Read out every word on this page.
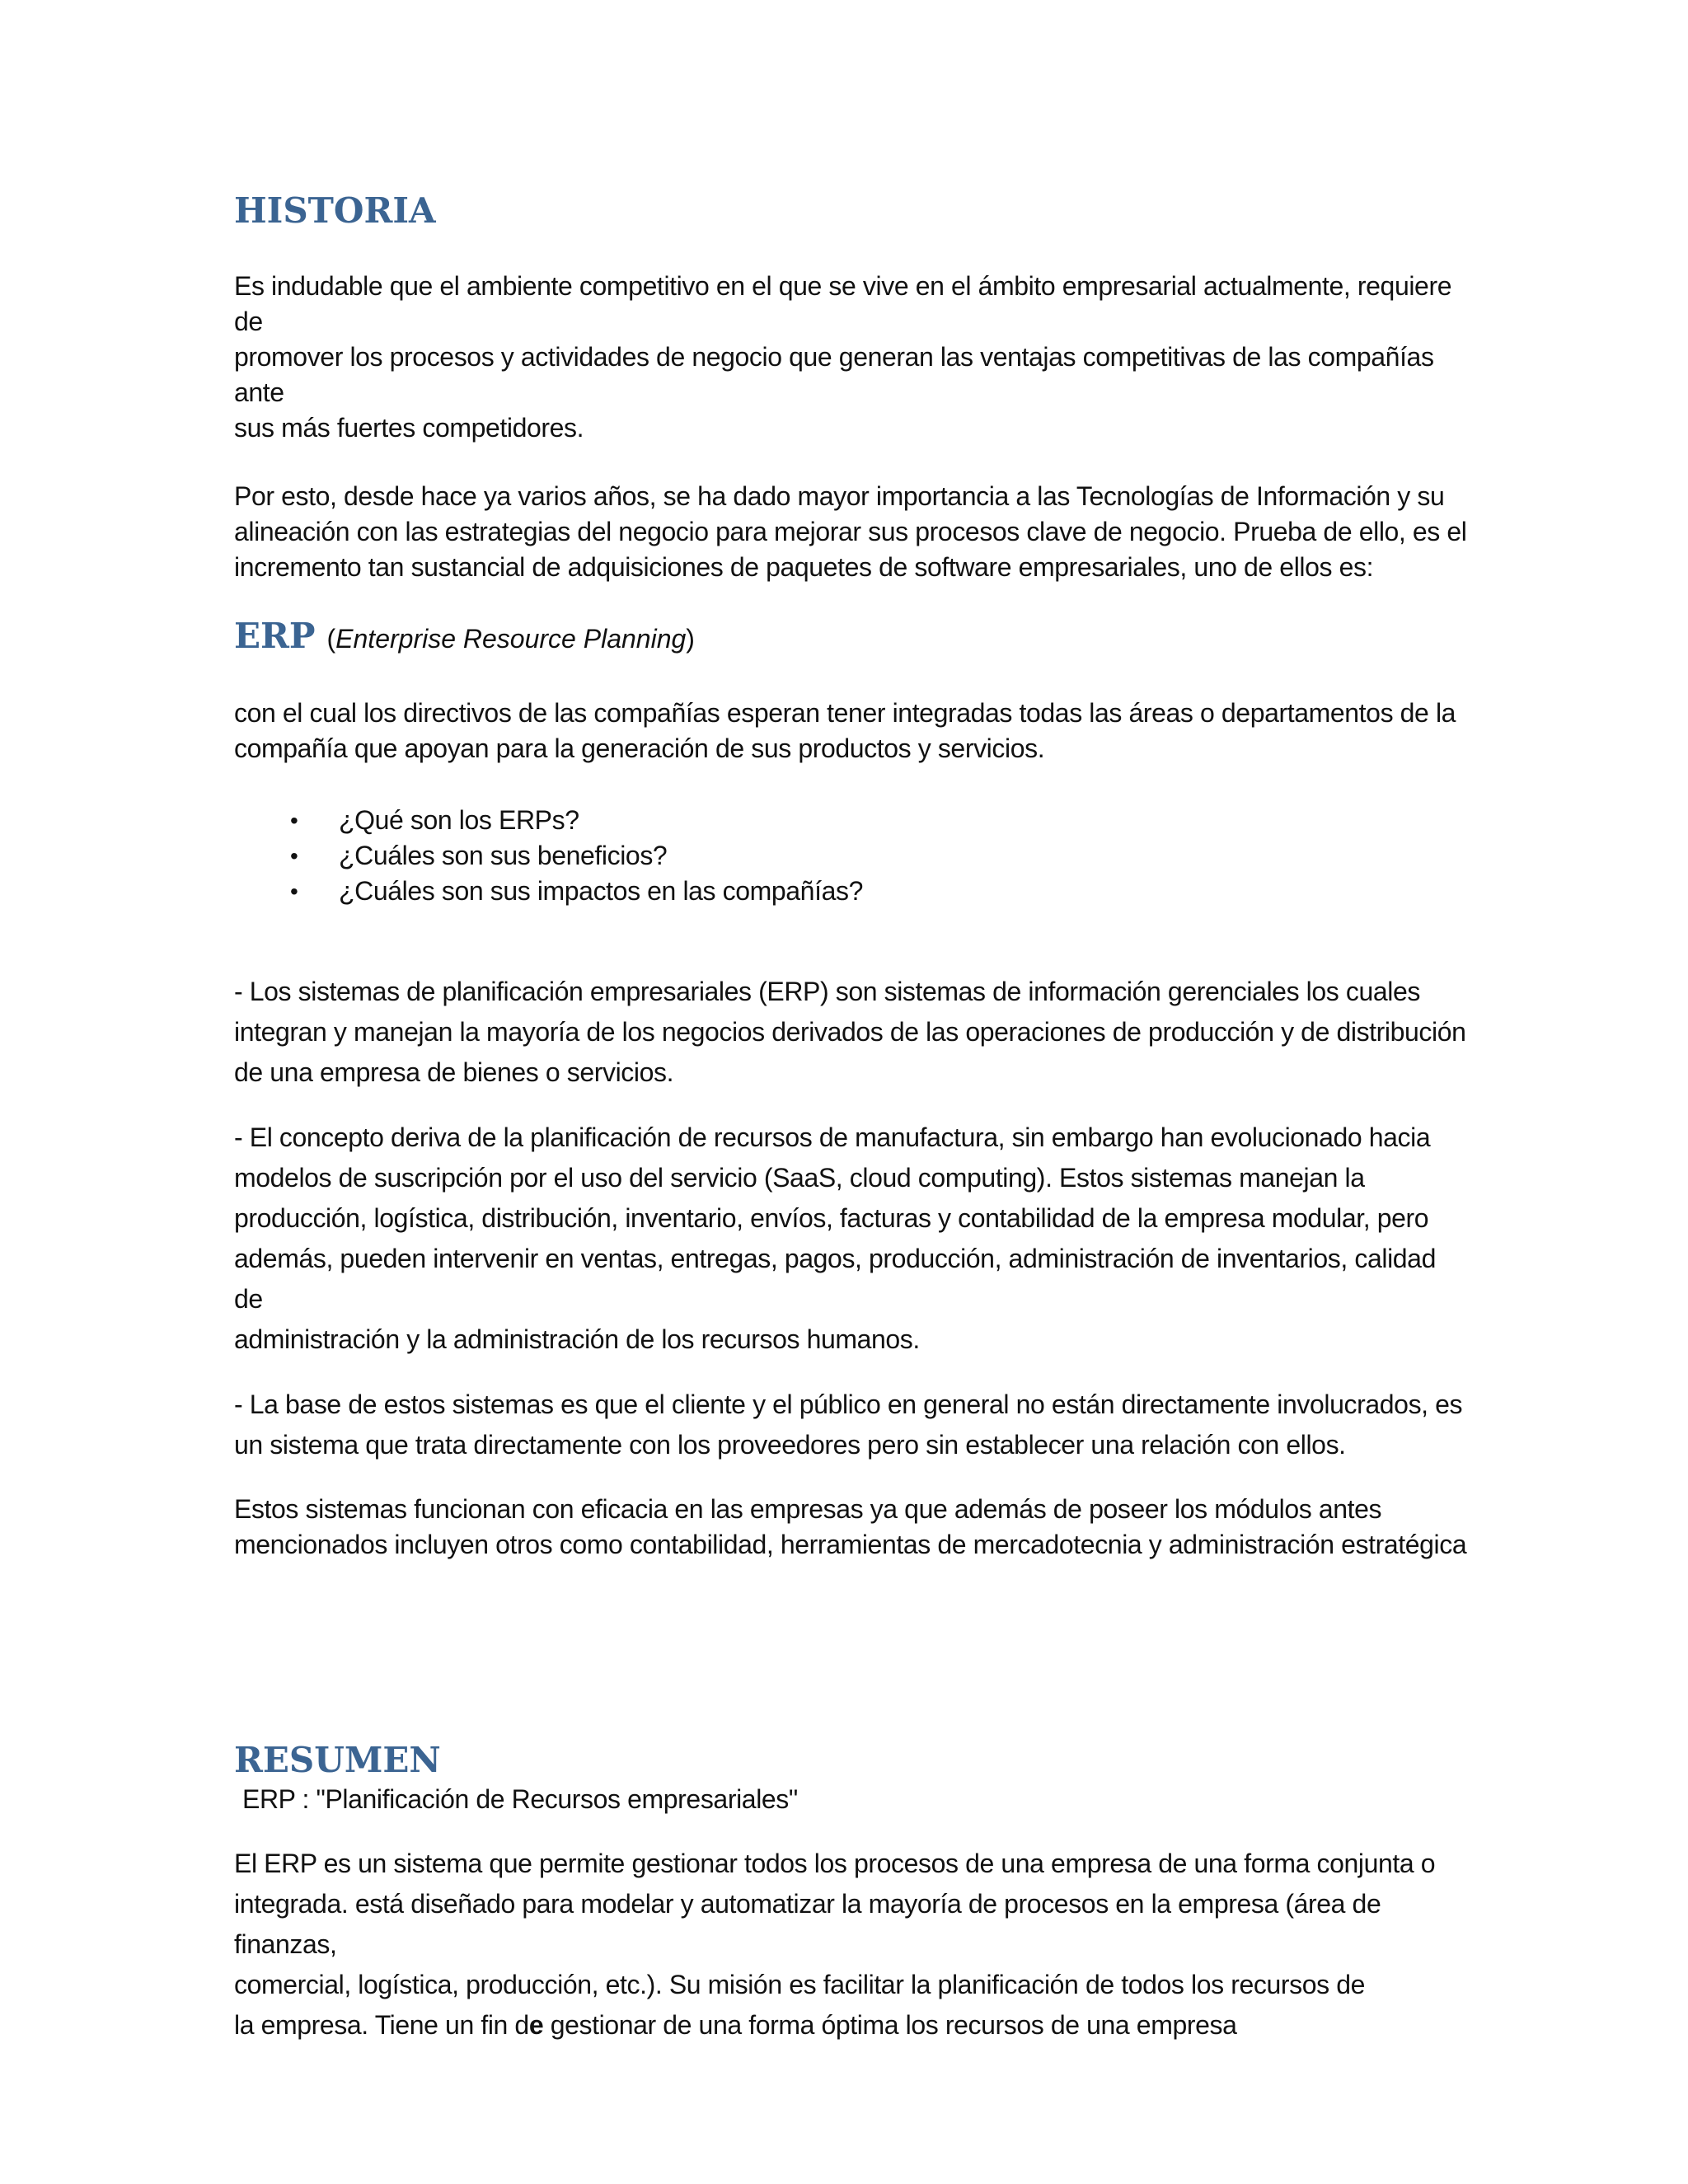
HISTORIA
Es indudable que el ambiente competitivo en el que se vive en el ámbito empresarial actualmente, requiere de
promover los procesos y actividades de negocio que generan las ventajas competitivas de las compañías ante
sus más fuertes competidores.
Por esto, desde hace ya varios años, se ha dado mayor importancia a las Tecnologías de Información y su
alineación con las estrategias del negocio para mejorar sus procesos clave de negocio. Prueba de ello, es el
incremento tan sustancial de adquisiciones de paquetes de software empresariales, uno de ellos es:
ERP (Enterprise Resource Planning)
con el cual los directivos de las compañías esperan tener integradas todas las áreas o departamentos de la
compañía que apoyan para la generación de sus productos y servicios.
• ¿Qué son los ERPs?
• ¿Cuáles son sus beneficios?
• ¿Cuáles son sus impactos en las compañías?
- Los sistemas de planificación empresariales (ERP) son sistemas de información gerenciales los cuales
integran y manejan la mayoría de los negocios derivados de las operaciones de producción y de distribución
de una empresa de bienes o servicios.
- El concepto deriva de la planificación de recursos de manufactura, sin embargo han evolucionado hacia
modelos de suscripción por el uso del servicio (SaaS, cloud computing). Estos sistemas manejan la
producción, logística, distribución, inventario, envíos, facturas y contabilidad de la empresa modular, pero
además, pueden intervenir en ventas, entregas, pagos, producción, administración de inventarios, calidad de
administración y la administración de los recursos humanos.
- La base de estos sistemas es que el cliente y el público en general no están directamente involucrados, es
un sistema que trata directamente con los proveedores pero sin establecer una relación con ellos.
Estos sistemas funcionan con eficacia en las empresas ya que además de poseer los módulos antes
mencionados incluyen otros como contabilidad, herramientas de mercadotecnia y administración estratégica
RESUMEN
ERP : "Planificación de Recursos empresariales"
El ERP es un sistema que permite gestionar todos los procesos de una empresa de una forma conjunta o
integrada. está diseñado para modelar y automatizar la mayoría de procesos en la empresa (área de finanzas,
comercial, logística, producción, etc.). Su misión es facilitar la planificación de todos los recursos de
la empresa. Tiene un fin de gestionar de una forma óptima los recursos de una empresa
